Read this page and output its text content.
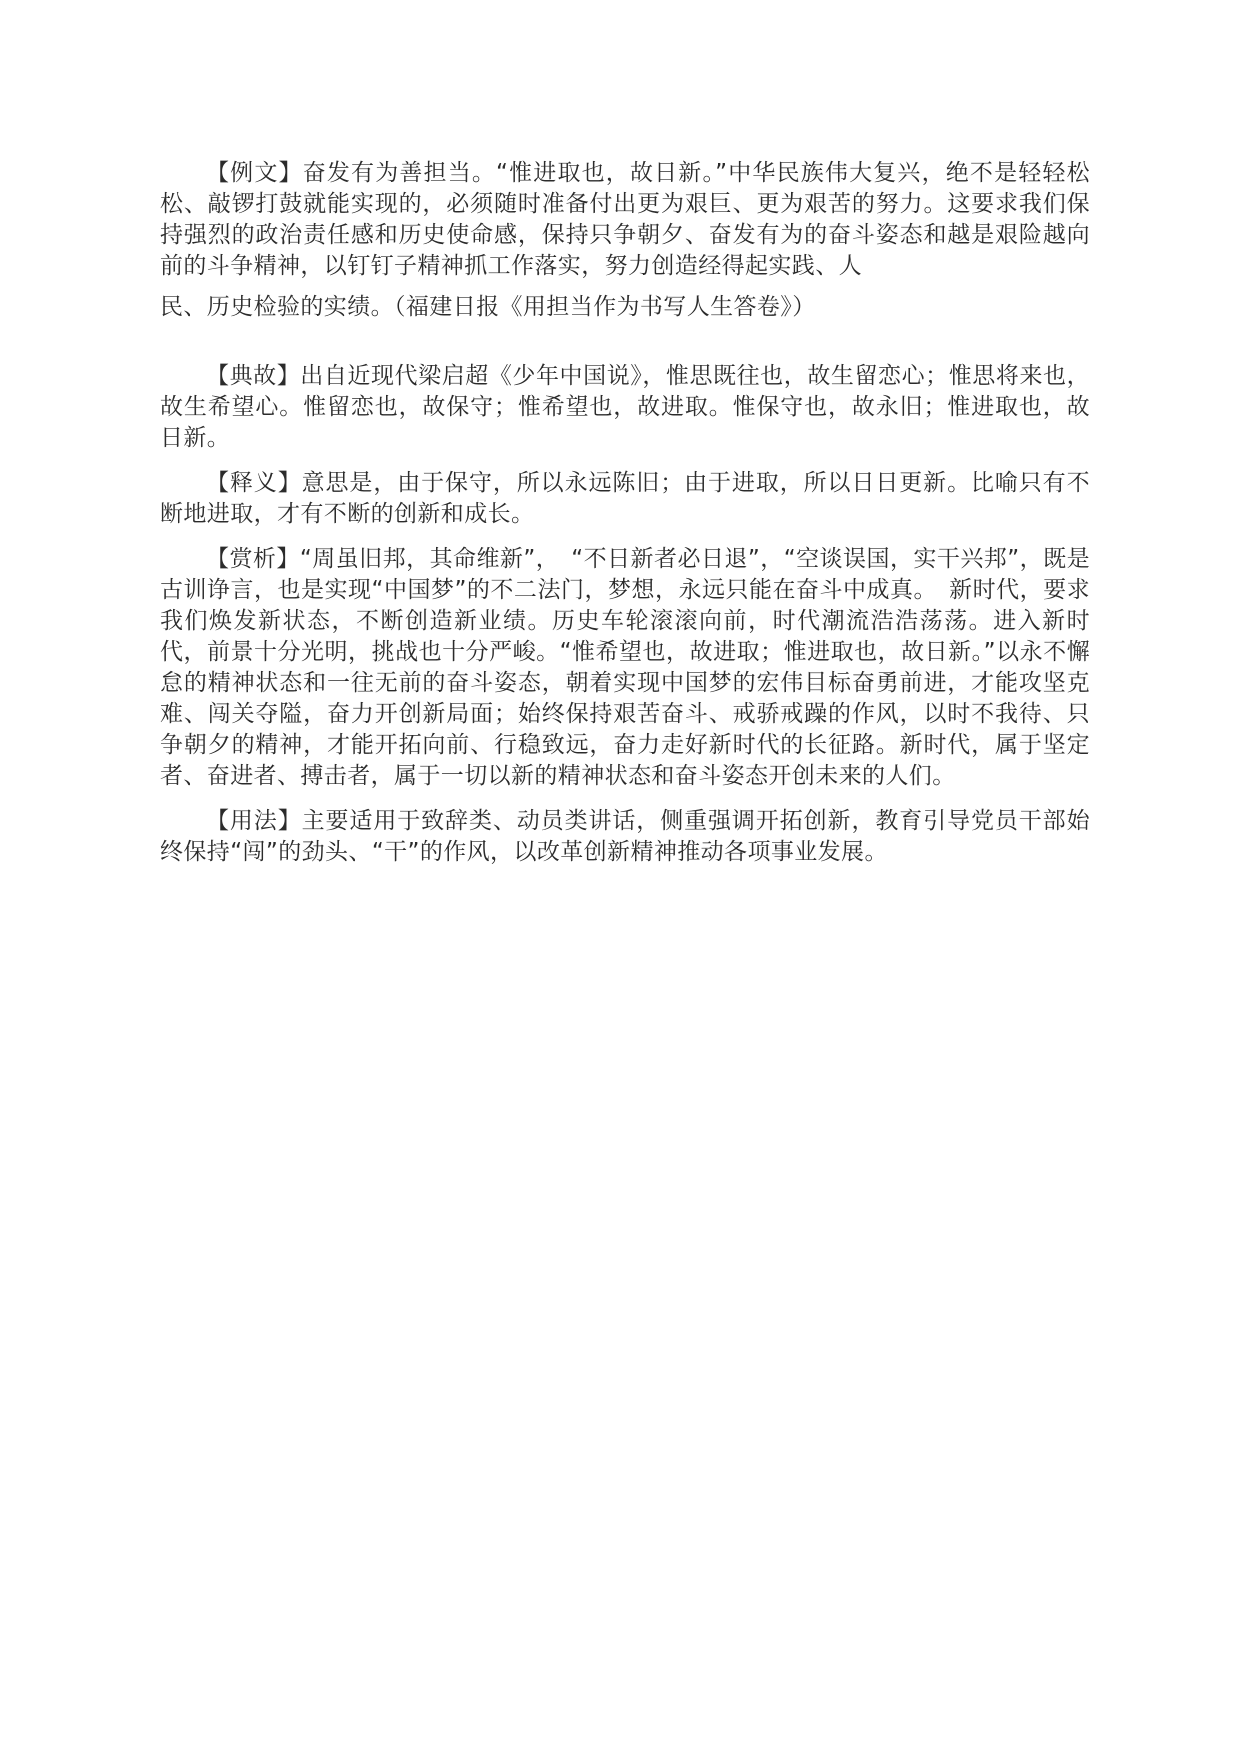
【例文】奋发有为善担当。“惟进取也，故日新。”中华民族伟大复兴，绝不是轻轻松松、敲锣打鼓就能实现的，必须随时准备付出更为艰巨、更为艰苦的努力。这要求我们保持强烈的政治责任感和历史使命感，保持只争朝夕、奋发有为的奋斗姿态和越是艰险越向前的斗争精神，以钉钉子精神抓工作落实，努力创造经得起实践、人

民、历史检验的实绩。（福建日报《用担当作为书写人生答卷》）

【典故】出自近现代梁启超《少年中国说》，惟思既往也，故生留恋心；惟思将来也，故生希望心。惟留恋也，故保守；惟希望也，故进取。惟保守也，故永旧；惟进取也，故日新。

【释义】意思是，由于保守，所以永远陈旧；由于进取，所以日日更新。比喻只有不断地进取，才有不断的创新和成长。

【赏析】“周虽旧邦，其命维新”，　“不日新者必日退”，“空谈误国，实干兴邦”，既是古训诤言，也是实现“中国梦”的不二法门，梦想，永远只能在奋斗中成真。　新时代，要求我们焕发新状态，不断创造新业绩。历史车轮滚滚向前，时代潮流浩浩荡荡。进入新时代，前景十分光明，挑战也十分严峻。“惟希望也，故进取；惟进取也，故日新。”以永不懈怠的精神状态和一往无前的奋斗姿态，朝着实现中国梦的宏伟目标奋勇前进，才能攻坚克难、闯关夺隘，奋力开创新局面；始终保持艰苦奋斗、戒骄戒躁的作风，以时不我待、只争朝夕的精神，才能开拓向前、行稳致远，奋力走好新时代的长征路。新时代，属于坚定者、奋进者、搏击者，属于一切以新的精神状态和奋斗姿态开创未来的人们。

【用法】主要适用于致辞类、动员类讲话，侧重强调开拓创新，教育引导党员干部始终保持“闯”的劲头、“干”的作风，以改革创新精神推动各项事业发展。
